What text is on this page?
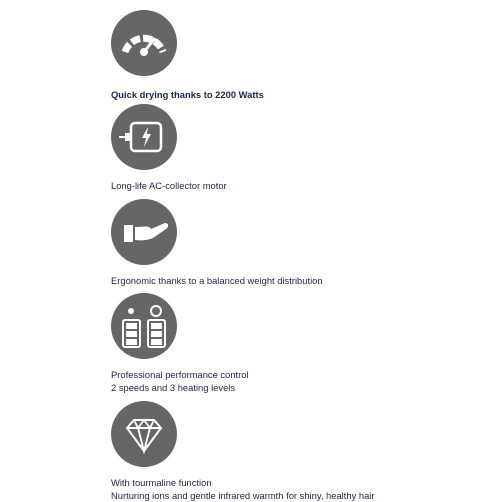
Quick drying thanks to 2200 Watts
Long-life AC-collector motor
Ergonomic thanks to a balanced weight distribution
Professional performance control
2 speeds and 3 heating levels
With tourmaline function
Nurturing ions and gentle infrared warmth for shiny, healthy hair
